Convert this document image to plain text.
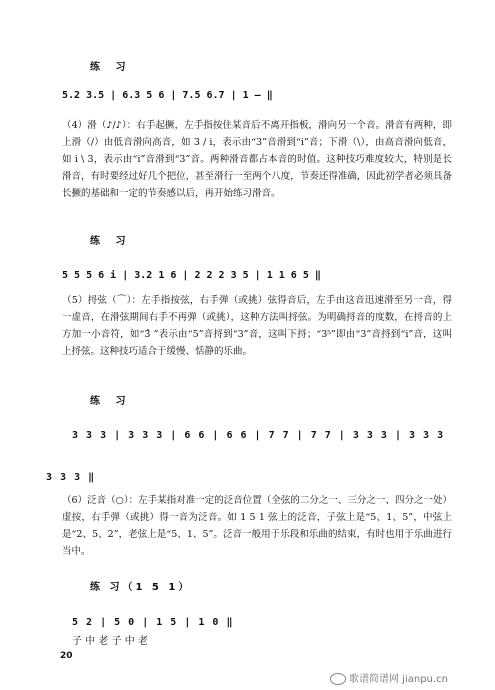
练 习
5.2 3.5 | 6.3 5 6 | 7.5 6.7 | 1 — ‖
（4）滑（♪/♪）：右手起撅，左手指按住某音后不离开指板，滑向另一个音。滑音有两种，即上滑（/）由低音滑向高音，如 3 / i，表示由“3”音滑到“i”音；下滑（\），由高音滑向低音，如 i \ 3，表示由“i”音滑到“3”音。两种滑音都占本音的时值。这种技巧难度较大，特别是长滑音，有时要经过好几个把位，甚至滑行一至两个八度，节奏还得准确，因此初学者必须具备长撅的基础和一定的节奏感以后，再开始练习滑音。
练 习
5 5 5 6 i | 3.2 1 6 | 2 2 2 3 5 | 1 1 6 5 ‖
（5）捋弦（⌒）：左手指按弦，右手弹（或挑）弦得音后，左手由这音迅速滑至另一音，得一虚音，在滑弦期间右手不再弹（或挑），这种方法叫捋弦。为明确捋音的度数，在捋音的上方加一小音符，如“3̂ ”表示由“5”音捋到“3”音，这叫下捋；“3⁵”即由“3”音捋到“i”音，这叫上捋弦。这种技巧适合于缓慢、恬静的乐曲。
练 习
3 3 3 | 3 3 3 | 6 6 | 6 6 | 7 7 | 7 7 | 3 3 3 | 3 3 3
3 3 3 ‖
（6）泛音（○）：左手某指对准一定的泛音位置（全弦的二分之一、三分之一、四分之一处）虚按，右手弹（或挑）得一音为泛音。如 1 5 1 弦上的泛音，子弦上是“5、1、5”，中弦上是“2、5、2”，老弦上是“5、1、5”。泛音一般用于乐段和乐曲的结束，有时也用于乐曲进行当中。
练 习（1 5 1）
5 2 | 5 0 | 1 5 | 1 0 ‖
子 中 老 子 中 老
20
歌谱简谱网 jianpu.cn
